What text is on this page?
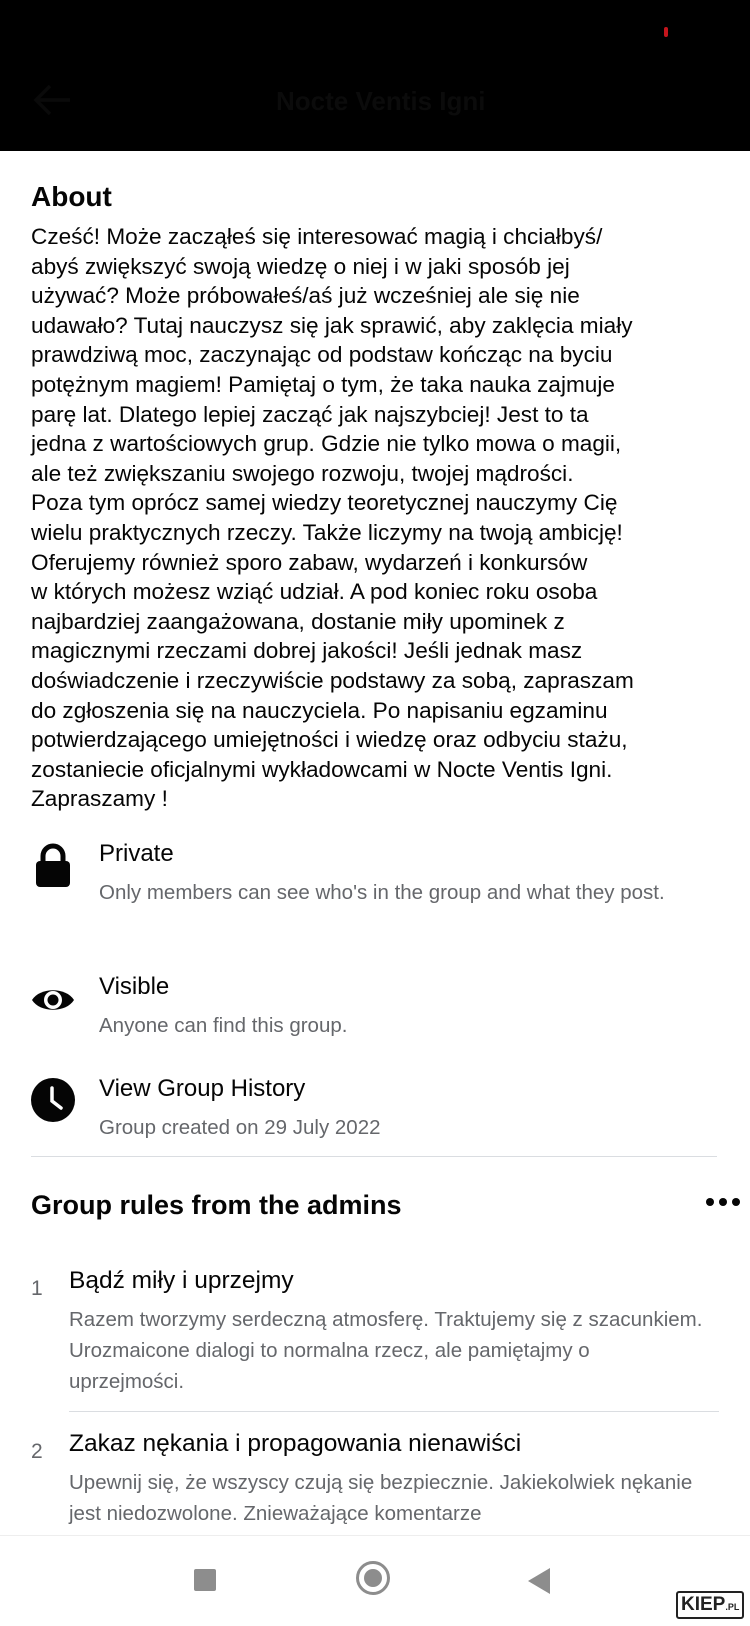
Nocte Ventis Igni
About

Cześć! Może zacząłeś się interesować magią i chciałbyś/
abyś zwiększyć swoją wiedzę o niej i w jaki sposób jej
używać? Może próbowałeś/aś już wcześniej ale się nie
udawało? Tutaj nauczysz się jak sprawić, aby zaklęcia miały
prawdziwą moc, zaczynając od podstaw kończąc na byciu
potężnym magiem! Pamiętaj o tym, że taka nauka zajmuje
parę lat. Dlatego lepiej zacząć jak najszybciej! Jest to ta
jedna z wartościowych grup. Gdzie nie tylko mowa o magii,
ale też zwiększaniu swojego rozwoju, twojej mądrości.
Poza tym oprócz samej wiedzy teoretycznej nauczymy Cię
wielu praktycznych rzeczy. Także liczymy na twoją ambicję!
Oferujemy również sporo zabaw, wydarzeń i konkursów
w których możesz wziąć udział. A pod koniec roku osoba
najbardziej zaangażowana, dostanie miły upominek z
magicznymi rzeczami dobrej jakości! Jeśli jednak masz
doświadczenie i rzeczywiście podstawy za sobą, zapraszam
do zgłoszenia się na nauczyciela. Po napisaniu egzaminu
potwierdzającego umiejętności i wiedzę oraz odbyciu stażu,
zostaniecie oficjalnymi wykładowcami w Nocte Ventis Igni.
Zapraszamy !

Private
Only members can see who's in the group and what they post.
Visible
Anyone can find this group.
View Group History
Group created on 29 July 2022
Group rules from the admins
1 Bądź miły i uprzejmy
Razem tworzymy serdeczną atmosferę. Traktujemy się z szacunkiem. Urozmaicone dialogi to normalna rzecz, ale pamiętajmy o uprzejmości.
2 Zakaz nękania i propagowania nienawiści
Upewnij się, że wszyscy czują się bezpiecznie. Jakiekolwiek nękanie jest niedozwolone. Znieważające komentarze
KIEP.PL
